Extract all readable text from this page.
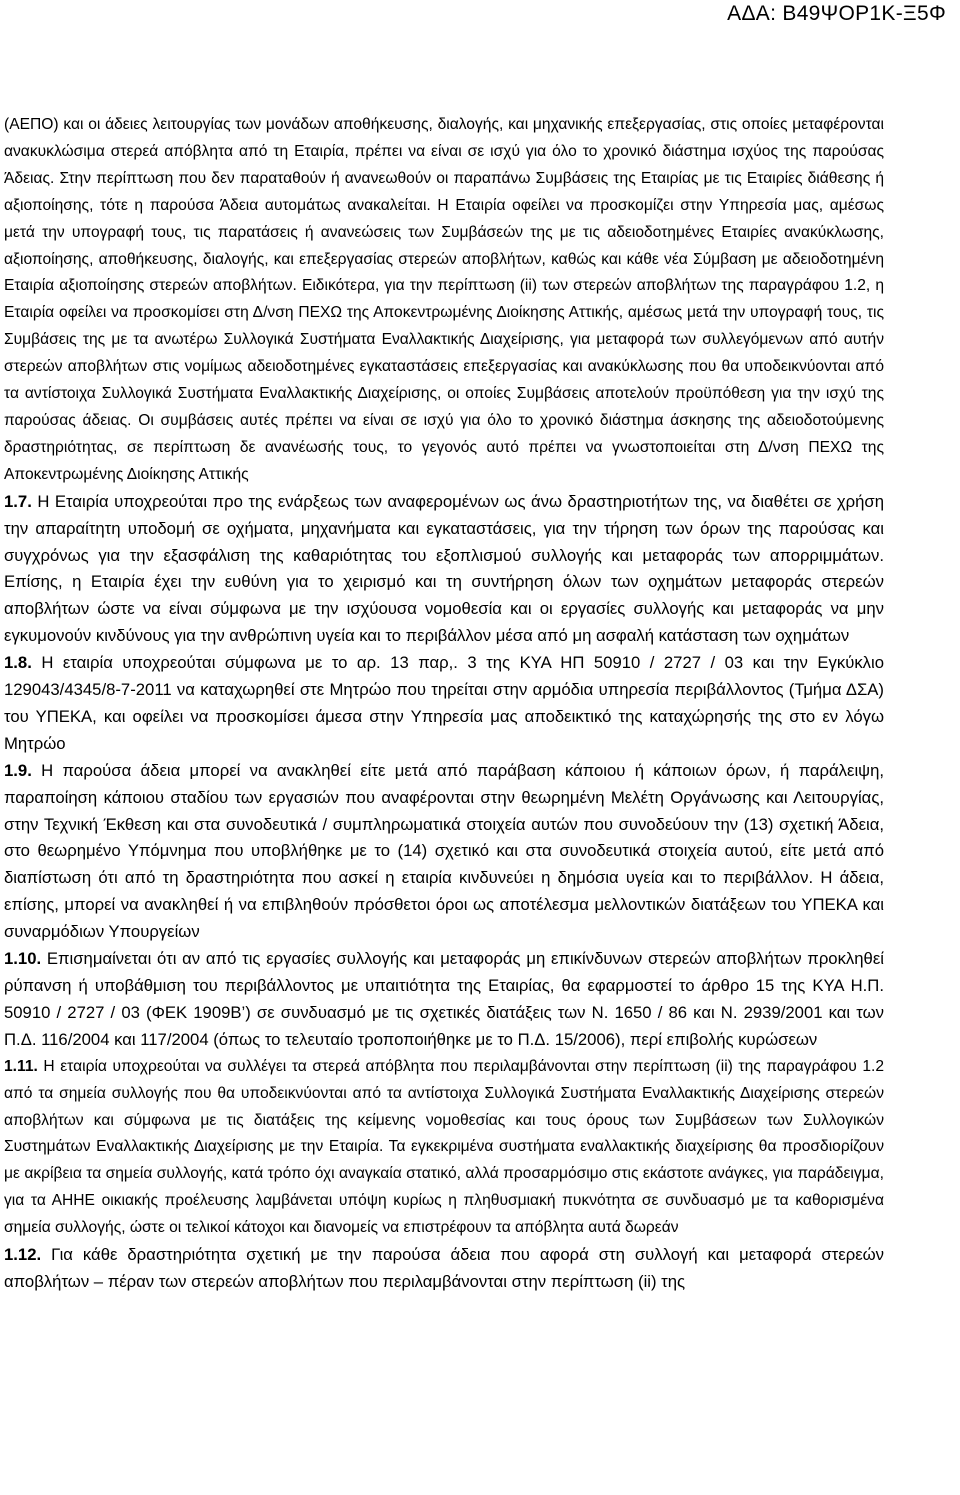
ΑΔΑ: Β49ΨΟΡ1Κ-Ξ5Φ

(ΑΕΠΟ) και οι άδειες λειτουργίας των μονάδων αποθήκευσης, διαλογής, και μηχανικής επεξεργασίας, στις οποίες μεταφέρονται ανακυκλώσιμα στερεά απόβλητα από τη Εταιρία, πρέπει να είναι σε ισχύ για όλο το χρονικό διάστημα ισχύος της παρούσας Άδειας. Στην περίπτωση που δεν παραταθούν ή ανανεωθούν οι παραπάνω Συμβάσεις της Εταιρίας με τις Εταιρίες διάθεσης ή αξιοποίησης, τότε η παρούσα Άδεια αυτομάτως ανακαλείται. Η Εταιρία οφείλει να προσκομίζει στην Υπηρεσία μας, αμέσως μετά την υπογραφή τους, τις παρατάσεις ή ανανεώσεις των Συμβάσεών της με τις αδειοδοτημένες Εταιρίες ανακύκλωσης, αξιοποίησης, αποθήκευσης, διαλογής, και επεξεργασίας στερεών αποβλήτων, καθώς και κάθε νέα Σύμβαση με αδειοδοτημένη Εταιρία αξιοποίησης στερεών αποβλήτων. Ειδικότερα, για την περίπτωση (ii) των στερεών αποβλήτων της παραγράφου 1.2, η Εταιρία οφείλει να προσκομίσει στη Δ/νση ΠΕΧΩ της Αποκεντρωμένης Διοίκησης Αττικής, αμέσως μετά την υπογραφή τους, τις Συμβάσεις της με τα ανωτέρω Συλλογικά Συστήματα Εναλλακτικής Διαχείρισης, για μεταφορά των συλλεγόμενων από αυτήν στερεών αποβλήτων στις νομίμως αδειοδοτημένες εγκαταστάσεις επεξεργασίας και ανακύκλωσης που θα υποδεικνύονται από τα αντίστοιχα Συλλογικά Συστήματα Εναλλακτικής Διαχείρισης, οι οποίες Συμβάσεις αποτελούν προϋπόθεση για την ισχύ της παρούσας άδειας. Οι συμβάσεις αυτές πρέπει να είναι σε ισχύ για όλο το χρονικό διάστημα άσκησης της αδειοδοτούμενης δραστηριότητας, σε περίπτωση δε ανανέωσής τους, το γεγονός αυτό πρέπει να γνωστοποιείται στη Δ/νση ΠΕΧΩ της Αποκεντρωμένης Διοίκησης Αττικής

1.7. Η Εταιρία υποχρεούται προ της ενάρξεως των αναφερομένων ως άνω δραστηριοτήτων της, να διαθέτει σε χρήση την απαραίτητη υποδομή σε οχήματα, μηχανήματα και εγκαταστάσεις, για την τήρηση των όρων της παρούσας και συγχρόνως για την εξασφάλιση της καθαριότητας του εξοπλισμού συλλογής και μεταφοράς των απορριμμάτων. Επίσης, η Εταιρία έχει την ευθύνη για το χειρισμό και τη συντήρηση όλων των οχημάτων μεταφοράς στερεών αποβλήτων ώστε να είναι σύμφωνα με την ισχύουσα νομοθεσία και οι εργασίες συλλογής και μεταφοράς να μην εγκυμονούν κινδύνους για την ανθρώπινη υγεία και το περιβάλλον μέσα από μη ασφαλή κατάσταση των οχημάτων

1.8. Η εταιρία υποχρεούται σύμφωνα με το αρ. 13 παρ,. 3 της ΚΥΑ ΗΠ 50910 / 2727 / 03 και την Εγκύκλιο 129043/4345/8-7-2011 να καταχωρηθεί στε Μητρώο που τηρείται στην αρμόδια υπηρεσία περιβάλλοντος (Τμήμα ΔΣΑ) του ΥΠΕΚΑ, και οφείλει να προσκομίσει άμεσα στην Υπηρεσία μας αποδεικτικό της καταχώρησής της στο εν λόγω Μητρώο

1.9. Η παρούσα άδεια μπορεί να ανακληθεί είτε μετά από παράβαση κάποιου ή κάποιων όρων, ή παράλειψη, παραποίηση κάποιου σταδίου των εργασιών που αναφέρονται στην θεωρημένη Μελέτη Οργάνωσης και Λειτουργίας, στην Τεχνική Έκθεση και στα συνοδευτικά / συμπληρωματικά στοιχεία αυτών που συνοδεύουν την (13) σχετική Άδεια, στο θεωρημένο Υπόμνημα που υποβλήθηκε με το (14) σχετικό και στα συνοδευτικά στοιχεία αυτού, είτε μετά από διαπίστωση ότι από τη δραστηριότητα που ασκεί η εταιρία κινδυνεύει η δημόσια υγεία και το περιβάλλον. Η άδεια, επίσης, μπορεί να ανακληθεί ή να επιβληθούν πρόσθετοι όροι ως αποτέλεσμα μελλοντικών διατάξεων του ΥΠΕΚΑ και συναρμόδιων Υπουργείων

1.10. Επισημαίνεται ότι αν από τις εργασίες συλλογής και μεταφοράς μη επικίνδυνων στερεών αποβλήτων προκληθεί ρύπανση ή υποβάθμιση του περιβάλλοντος με υπαιτιότητα της Εταιρίας, θα εφαρμοστεί το άρθρο 15 της ΚΥΑ Η.Π. 50910 / 2727 / 03 (ΦΕΚ 1909Β’) σε συνδυασμό με τις σχετικές διατάξεις των Ν. 1650 / 86 και Ν. 2939/2001 και των Π.Δ. 116/2004 και 117/2004 (όπως το τελευταίο τροποποιήθηκε με το Π.Δ. 15/2006), περί επιβολής κυρώσεων

1.11. Η εταιρία υποχρεούται να συλλέγει τα στερεά απόβλητα που περιλαμβάνονται στην περίπτωση (ii) της παραγράφου 1.2 από τα σημεία συλλογής που θα υποδεικνύονται από τα αντίστοιχα Συλλογικά Συστήματα Εναλλακτικής Διαχείρισης στερεών αποβλήτων και σύμφωνα με τις διατάξεις της κείμενης νομοθεσίας και τους όρους των Συμβάσεων των Συλλογικών Συστημάτων Εναλλακτικής Διαχείρισης με την Εταιρία. Τα εγκεκριμένα συστήματα εναλλακτικής διαχείρισης θα προσδιορίζουν με ακρίβεια τα σημεία συλλογής, κατά τρόπο όχι αναγκαία στατικό, αλλά προσαρμόσιμο στις εκάστοτε ανάγκες, για παράδειγμα, για τα ΑΗΗΕ οικιακής προέλευσης λαμβάνεται υπόψη κυρίως η πληθυσμιακή πυκνότητα σε συνδυασμό με τα καθορισμένα σημεία συλλογής, ώστε οι τελικοί κάτοχοι και διανομείς να επιστρέφουν τα απόβλητα αυτά δωρεάν

1.12. Για κάθε δραστηριότητα σχετική με την παρούσα άδεια που αφορά στη συλλογή και μεταφορά στερεών αποβλήτων – πέραν των στερεών αποβλήτων που περιλαμβάνονται στην περίπτωση (ii) της
